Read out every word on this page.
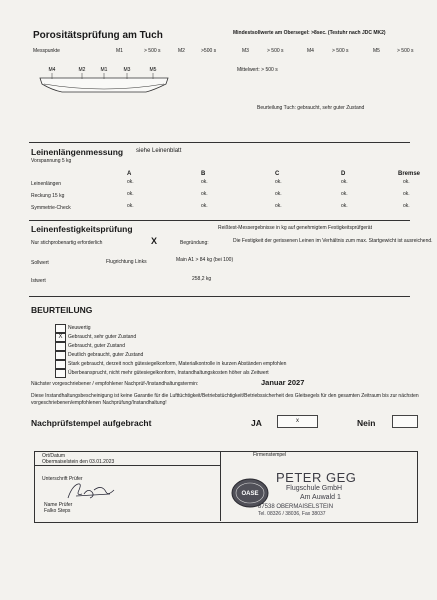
Porositätsprüfung am Tuch	Mindestsollwerte am Obersegel: >8sec. (Testuhr nach JDC MK2)
Messpunkte	M1	> 500 s	M2	>500 s	M3	> 500 s	M4	> 500 s	M5	> 500 s
M4	M2	M1	M3	M5	Mittelwert: > 500 s
Beurteilung Tuch: gebraucht, sehr guter Zustand
Leinenlängenmessung siehe Leinenblatt
Vorspannung 5 kg
A	B	C	D	Bremse
Leinenlängen	ok.	ok.	ok.	ok.	ok.
Reckung 15 kg	ok.	ok.	ok.	ok.	ok.
Symmetrie-Check	ok.	ok.	ok.	ok.	ok.
Leinenfestigkeitsprüfung	Reißtest-Messergebnisse in kg auf genehmigtem Festigkeitsprüfgerät
Nur stichprobenartig erforderlich	X	Begründung:	Die Festigkeit der gerissenen Leinen im Verhältnis zum max. Startgewicht ist ausreichend.
Sollwert	Flugrichtung Links	Main A1 > 84 kg (bei 100)
Istwert	258,2 kg
BEURTEILUNG
Neuwertig
X	Gebraucht, sehr guter Zustand
Gebraucht, guter Zustand
Deutlich gebraucht, guter Zustand
Stark gebraucht, derzeit noch gütesiegelkonform, Materialkontrolle in kurzen Abständen empfohlen
Überbeansprucht, nicht mehr gütesiegelkonform, Instandhaltungskosten höher als Zeitwert
Nächster vorgeschriebener / empfohlener Nachprüf-/Instandhaltungstermin:	Januar 2027
Diese Instandhaltungsbescheinigung ist keine Garantie für die Lufttüchtigkeit/Betriebstüchtigkeit/Betriebssicherheit des Gleitsegels für den gesamten Zeitraum bis zur nächsten vorgeschriebenen/empfohlenen Nachprüfung/Instandhaltung!
Nachprüfstempel aufgebracht	JA	x	Nein
Ort/Datum
Obermaiselstein den 03.01.2023
Firmenstempel
Unterschrift Prüfer
Name Prüfer
Falko Steps
OASE
PETER GEG
Flugschule GmbH
Am Auwald 1
87538 OBERMAISELSTEIN
Tel. 08326 / 38036, Fax 38037
